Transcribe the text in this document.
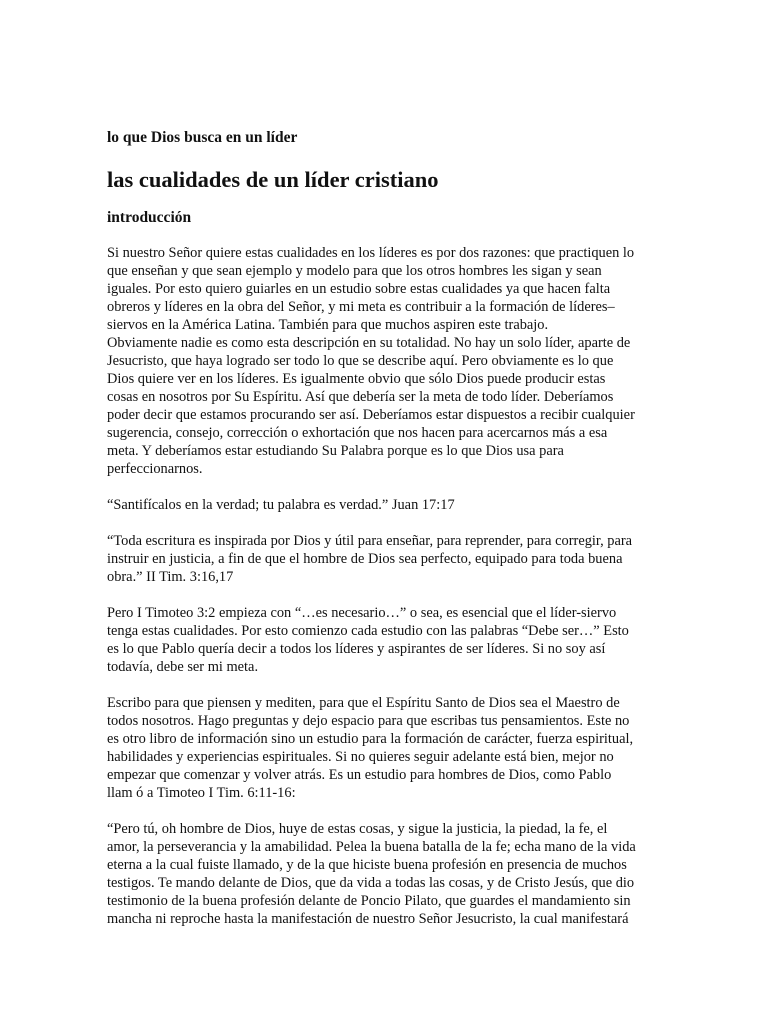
lo que Dios busca en un líder
las cualidades de un líder cristiano
introducción
Si nuestro Señor quiere estas cualidades en los líderes es por dos razones: que practiquen lo
que enseñan y que sean ejemplo y modelo para que los otros hombres les sigan y sean
iguales. Por esto quiero guiarles en un estudio sobre estas cualidades ya que hacen falta
obreros y líderes en la obra del Señor, y mi meta es contribuir a la formación de líderes–
siervos en la América Latina. También para que muchos aspiren este trabajo.
Obviamente nadie es como esta descripción en su totalidad. No hay un solo líder, aparte de
Jesucristo, que haya logrado ser todo lo que se describe aquí. Pero obviamente es lo que
Dios quiere ver en los líderes. Es igualmente obvio que sólo Dios puede producir estas
cosas en nosotros por Su Espíritu. Así que debería ser la meta de todo líder. Deberíamos
poder decir que estamos procurando ser así. Deberíamos estar dispuestos a recibir cualquier
sugerencia, consejo, corrección o exhortación que nos hacen para acercarnos más a esa
meta. Y deberíamos estar estudiando Su Palabra porque es lo que Dios usa para
perfeccionarnos.
“Santifícalos en la verdad; tu palabra es verdad.” Juan 17:17
“Toda escritura es inspirada por Dios y útil para enseñar, para reprender, para corregir, para
instruir en justicia, a fin de que el hombre de Dios sea perfecto, equipado para toda buena
obra.” II Tim. 3:16,17
Pero I Timoteo 3:2 empieza con “…es necesario…” o sea, es esencial que el líder-siervo
tenga estas cualidades. Por esto comienzo cada estudio con las palabras “Debe ser…” Esto
es lo que Pablo quería decir a todos los líderes y aspirantes de ser líderes. Si no soy así
todavía, debe ser mi meta.
Escribo para que piensen y mediten, para que el Espíritu Santo de Dios sea el Maestro de
todos nosotros. Hago preguntas y dejo espacio para que escribas tus pensamientos. Este no
es otro libro de información sino un estudio para la formación de carácter, fuerza espiritual,
habilidades y experiencias espirituales. Si no quieres seguir adelante está bien, mejor no
empezar que comenzar y volver atrás. Es un estudio para hombres de Dios, como Pablo
llam ó a Timoteo I Tim. 6:11-16:
“Pero tú, oh hombre de Dios, huye de estas cosas, y sigue la justicia, la piedad, la fe, el
amor, la perseverancia y la amabilidad. Pelea la buena batalla de la fe; echa mano de la vida
eterna a la cual fuiste llamado, y de la que hiciste buena profesión en presencia de muchos
testigos. Te mando delante de Dios, que da vida a todas las cosas, y de Cristo Jesús, que dio
testimonio de la buena profesión delante de Poncio Pilato, que guardes el mandamiento sin
mancha ni reproche hasta la manifestación de nuestro Señor Jesucristo, la cual manifestará
